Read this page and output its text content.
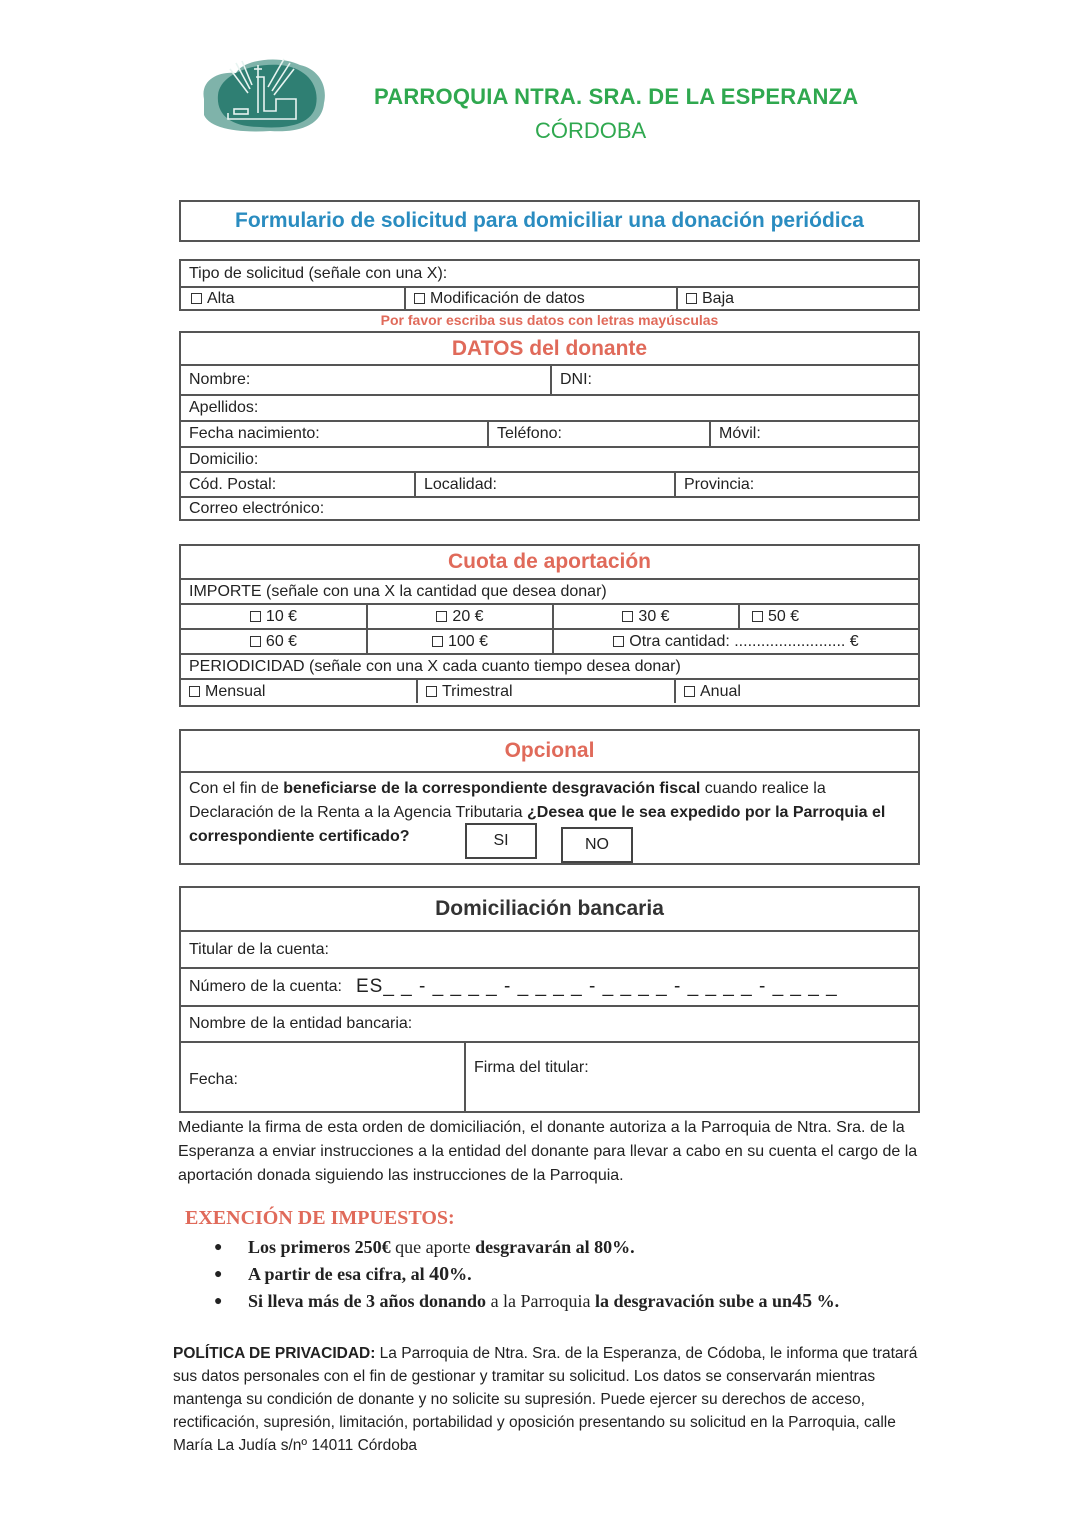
PARROQUIA NTRA. SRA. DE LA ESPERANZA
CÓRDOBA
Formulario de solicitud para domiciliar una donación periódica
Tipo de solicitud (señale con una X):
Alta	Modificación de datos	Baja
Por favor escriba sus datos con letras mayúsculas
DATOS del donante
Nombre:	DNI:
Apellidos:
Fecha nacimiento:	Teléfono:	Móvil:
Domicilio:
Cód. Postal:	Localidad:	Provincia:
Correo electrónico:
Cuota de aportación
IMPORTE (señale con una X la cantidad que desea donar)
10 €	20 €	30 €	50 €
60 €	100 €	Otra cantidad: ......................... €
PERIODICIDAD (señale con una X cada cuanto tiempo desea donar)
Mensual	Trimestral	Anual
Opcional
Con el fin de beneficiarse de la correspondiente desgravación fiscal cuando realice la Declaración de la Renta a la Agencia Tributaria ¿Desea que le sea expedido por la Parroquia el correspondiente certificado?	SI	NO
Domiciliación bancaria
Titular de la cuenta:
Número de la cuenta: ES_ _ - _ _ _ _ - _ _ _ _ - _ _ _ _ - _ _ _ _ - _ _ _ _
Nombre de la entidad bancaria:
Fecha:
Firma del titular:
Mediante la firma de esta orden de domiciliación, el donante autoriza a la Parroquia de Ntra. Sra. de la Esperanza a enviar instrucciones a la entidad del donante para llevar a cabo en su cuenta el cargo de la aportación donada siguiendo las instrucciones de la Parroquia.
EXENCIÓN DE IMPUESTOS:
●	Los primeros 250€ que aporte desgravarán al 80%.
●	A partir de esa cifra, al 40%.
●	Si lleva más de 3 años donando a la Parroquia la desgravación sube a un45 %.
POLÍTICA DE PRIVACIDAD: La Parroquia de Ntra. Sra. de la Esperanza, de Códoba, le informa que tratará sus datos personales con el fin de gestionar y tramitar su solicitud. Los datos se conservarán mientras mantenga su condición de donante y no solicite su supresión. Puede ejercer su derechos de acceso, rectificación, supresión, limitación, portabilidad y oposición presentando su solicitud en la Parroquia, calle María La Judía s/nº 14011 Córdoba
